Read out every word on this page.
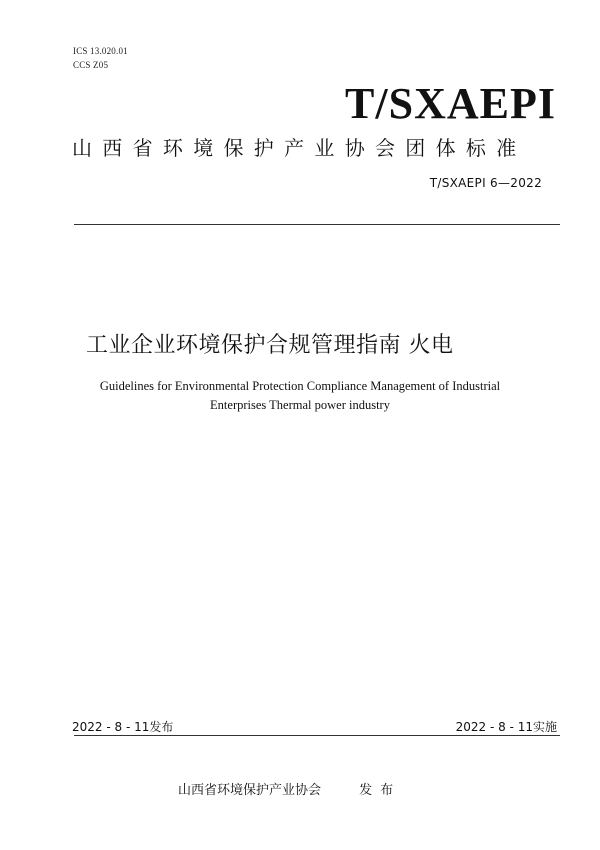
ICS 13.020.01
CCS Z05
T/SXAEPI
山西省环境保护产业协会团体标准
T/SXAEPI 6—2022
工业企业环境保护合规管理指南 火电
Guidelines for Environmental Protection Compliance Management of Industrial
Enterprises Thermal power industry
2022 - 8 - 11发布	2022 - 8 - 11实施
山西省环境保护产业协会	发布
